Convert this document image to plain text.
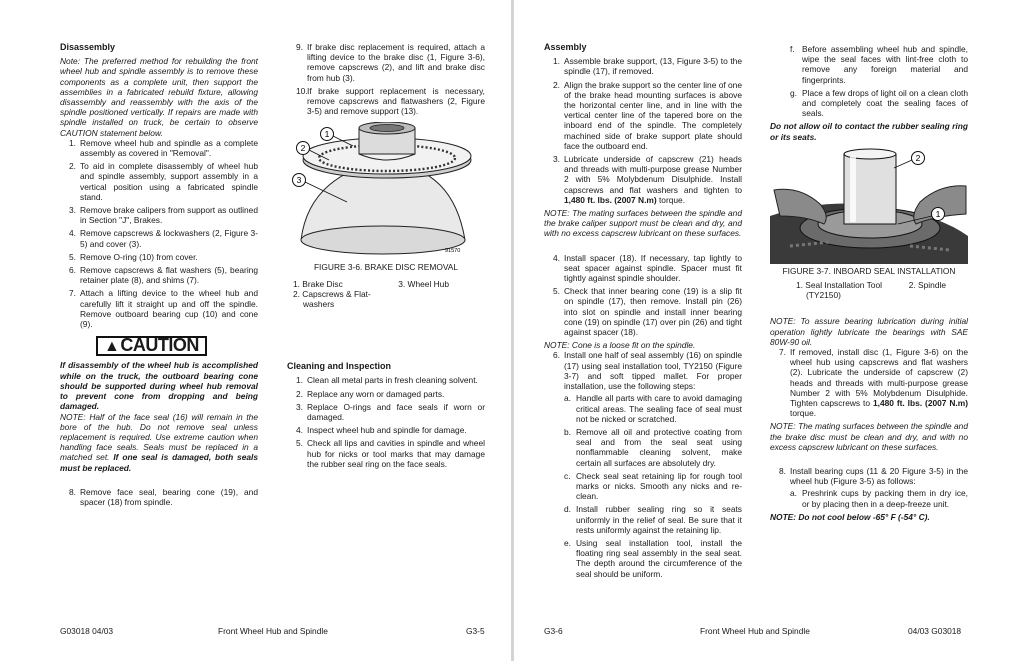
Disassembly

Note: The preferred method for rebuilding the front wheel hub and spindle assembly is to remove these components as a complete unit, then support the assemblies in a fabricated rebuild fixture, allowing disassembly and reassembly with the axis of the spindle positioned vertically. If repairs are made with spindle installed on truck, be certain to observe CAUTION statement below.

1. Remove wheel hub and spindle as a complete assembly as covered in "Removal".
2. To aid in complete disassembly of wheel hub and spindle assembly, support assembly in a vertical position using a fabricated spindle stand.
3. Remove brake calipers from support as outlined in Section "J", Brakes.
4. Remove capscrews & lockwashers (2, Figure 3-5) and cover (3).
5. Remove O-ring (10) from cover.
6. Remove capscrews & flat washers (5), bearing retainer plate (8), and shims (7).
7. Attach a lifting device to the wheel hub and carefully lift it straight up and off the spindle. Remove outboard bearing cup (10) and cone (9).
▲CAUTION

If disassembly of the wheel hub is accomplished while on the truck, the outboard bearing cone should be supported during wheel hub removal to prevent cone from dropping and being damaged.

NOTE: Half of the face seal (16) will remain in the bore of the hub. Do not remove seal unless replacement is required. Use extreme caution when handling face seals. Seals must be replaced in a matched set. If one seal is damaged, both seals must be replaced.

8. Remove face seal, bearing cone (19), and spacer (18) from spindle.
9. If brake disc replacement is required, attach a lifting device to the brake disc (1, Figure 3-6), remove capscrews (2), and lift and brake disc from hub (3).
10. If brake support replacement is necessary, remove capscrews and flatwashers (2, Figure 3-5) and remove support (13).
1
2
3
91570
FIGURE 3-6. BRAKE DISC REMOVAL
1. Brake Disc
2. Capscrews & Flat-
washers
3. Wheel Hub
Cleaning and Inspection
1. Clean all metal parts in fresh cleaning solvent.
2. Replace any worn or damaged parts.
3. Replace O-rings and face seals if worn or damaged.
4. Inspect wheel hub and spindle for damage.
5. Check all lips and cavities in spindle and wheel hub for nicks or tool marks that may damage the rubber seal ring on the face seals.
G03018 04/03	Front Wheel Hub and Spindle	G3-5
Assembly
1. Assemble brake support, (13, Figure 3-5) to the spindle (17), if removed.
2. Align the brake support so the center line of one of the brake head mounting surfaces is above the horizontal center line, and in line with the vertical center line of the tapered bore on the inboard end of the spindle. The completely machined side of brake support plate should face the outboard end.
3. Lubricate underside of capscrew (21) heads and threads with multi-purpose grease Number 2 with 5% Molybdenum Disulphide. Install capscrews and flat washers and tighten to 1,480 ft. lbs. (2007 N.m) torque.

NOTE: The mating surfaces between the spindle and the brake caliper support must be clean and dry, and with no excess capscrew lubricant on these surfaces.

4. Install spacer (18). If necessary, tap lightly to seat spacer against spindle. Spacer must fit tightly against spindle shoulder.
5. Check that inner bearing cone (19) is a slip fit on spindle (17), then remove. Install pin (26) into slot on spindle and install inner bearing cone (19) on spindle (17) over pin (26) and tight against spacer (18).

NOTE: Cone is a loose fit on the spindle.

6. Install one half of seal assembly (16) on spindle (17) using seal installation tool, TY2150 (Figure 3-7) and soft tipped mallet. For proper installation, use the following steps:
a. Handle all parts with care to avoid damaging critical areas. The sealing face of seal must not be nicked or scratched.
b. Remove all oil and protective coating from seal and from the seal seat using nonflammable cleaning solvent, make certain all surfaces are absolutely dry.
c. Check seal seat retaining lip for rough tool marks or nicks. Smooth any nicks and re-clean.
d. Install rubber sealing ring so it seats uniformly in the relief of seal. Be sure that it rests uniformly against the retaining lip.
e. Using seal installation tool, install the floating ring seal assembly in the seal seat. The depth around the circumference of the seal should be uniform.
f. Before assembling wheel hub and spindle, wipe the seal faces with lint-free cloth to remove any foreign material and fingerprints.
g. Place a few drops of light oil on a clean cloth and completely coat the sealing faces of seals.

Do not allow oil to contact the rubber sealing ring or its seats.

1
2
FIGURE 3-7. INBOARD SEAL INSTALLATION
1. Seal Installation Tool
(TY2150)
2. Spindle

NOTE: To assure bearing lubrication during initial operation lightly lubricate the bearings with SAE 80W-90 oil.

7. If removed, install disc (1, Figure 3-6) on the wheel hub using capscrews and flat washers (2). Lubricate the underside of capscrew (2) heads and threads with multi-purpose grease Number 2 with 5% Molybdenum Disulphide. Tighten capscrews to 1,480 ft. lbs. (2007 N.m) torque.

NOTE: The mating surfaces between the spindle and the brake disc must be clean and dry, and with no excess capscrew lubricant on these surfaces.

8. Install bearing cups (11 & 20 Figure 3-5) in the wheel hub (Figure 3-5) as follows:
a. Preshrink cups by packing them in dry ice, or by placing then in a deep-freeze unit.

NOTE: Do not cool below -65° F (-54° C).

G3-6	Front Wheel Hub and Spindle	04/03 G03018
